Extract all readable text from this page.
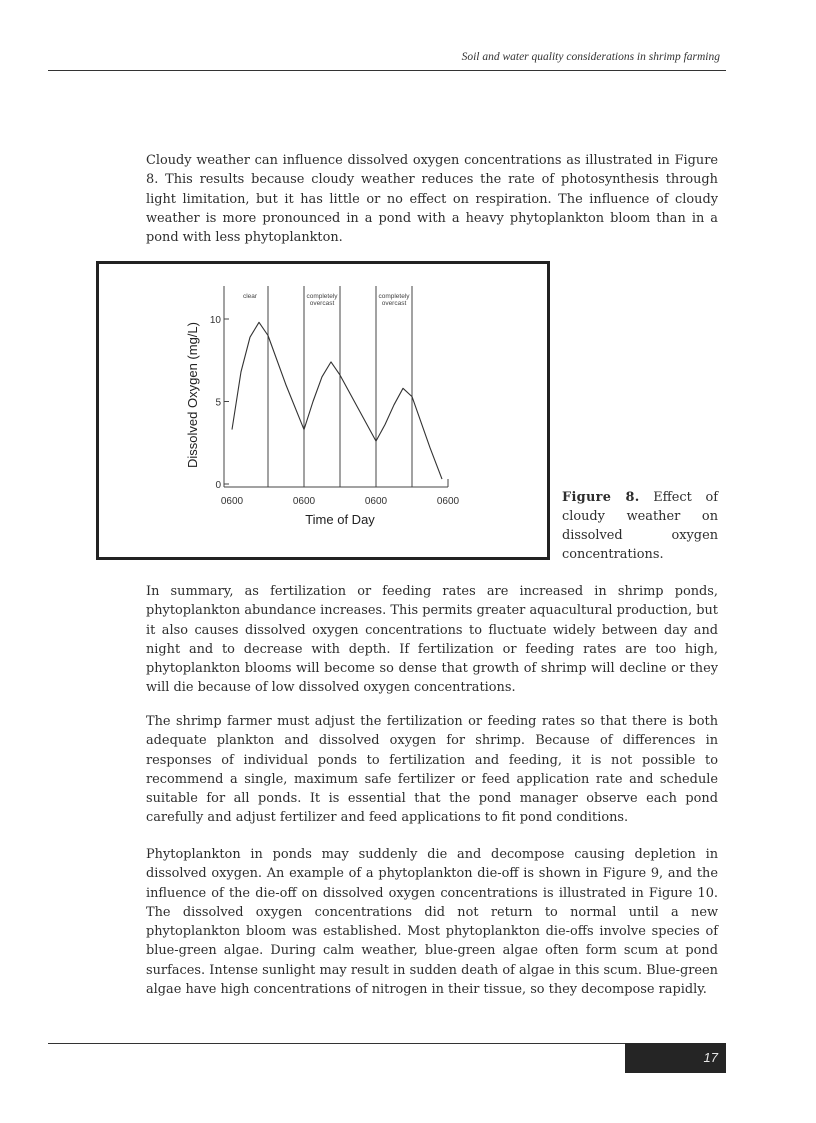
Soil and water quality considerations in shrimp farming

Cloudy weather can influence dissolved oxygen concentrations as illustrated in Figure 8. This results because cloudy weather reduces the rate of photosynthesis through light limitation, but it has little or no effect on respiration. The influence of cloudy weather is more pronounced in a pond with a heavy phytoplankton bloom than in a pond with less phytoplankton.

0
5
10
0600	0600	0600	0600
clear	completely
overcast
completely
overcast
Time of Day
Dissolved Oxygen (mg/L)

Figure 8. Effect of cloudy weather on dissolved oxygen concentrations.

In summary, as fertilization or feeding rates are increased in shrimp ponds, phytoplankton abundance increases. This permits greater aquacultural production, but it also causes dissolved oxygen concentrations to fluctuate widely between day and night and to decrease with depth. If fertilization or feeding rates are too high, phytoplankton blooms will become so dense that growth of shrimp will decline or they will die because of low dissolved oxygen concentrations.

The shrimp farmer must adjust the fertilization or feeding rates so that there is both adequate plankton and dissolved oxygen for shrimp. Because of differences in responses of individual ponds to fertilization and feeding, it is not possible to recommend a single, maximum safe fertilizer or feed application rate and schedule suitable for all ponds. It is essential that the pond manager observe each pond carefully and adjust fertilizer and feed applications to fit pond conditions.

Phytoplankton in ponds may suddenly die and decompose causing depletion in dissolved oxygen. An example of a phytoplankton die-off is shown in Figure 9, and the influence of the die-off on dissolved oxygen concentrations is illustrated in Figure 10. The dissolved oxygen concentrations did not return to normal until a new phytoplankton bloom was established. Most phytoplankton die-offs involve species of blue-green algae. During calm weather, blue-green algae often form scum at pond surfaces. Intense sunlight may result in sudden death of algae in this scum. Blue-green algae have high concentrations of nitrogen in their tissue, so they decompose rapidly.

17
